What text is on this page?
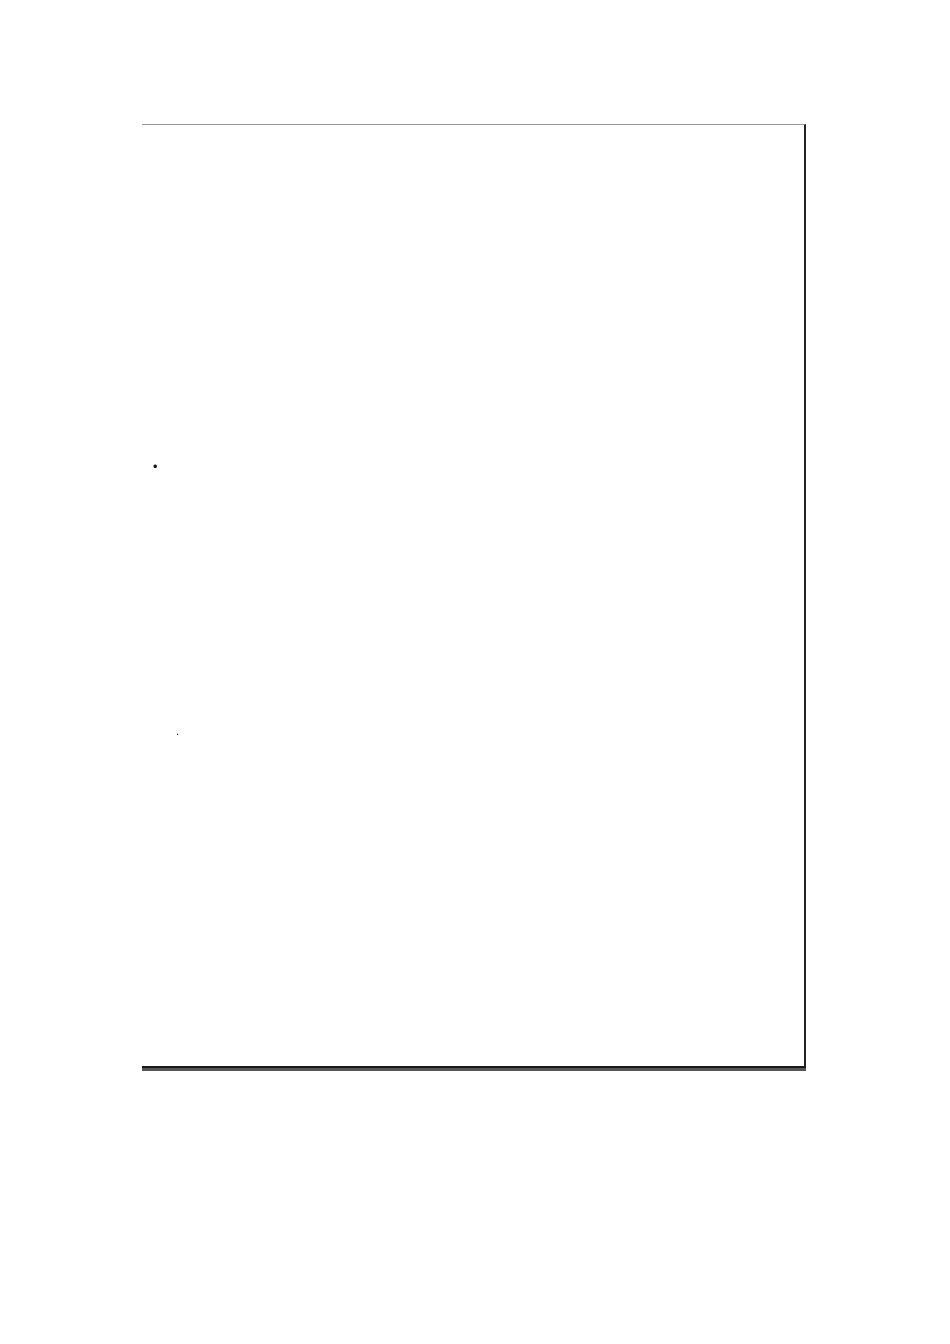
•
·
